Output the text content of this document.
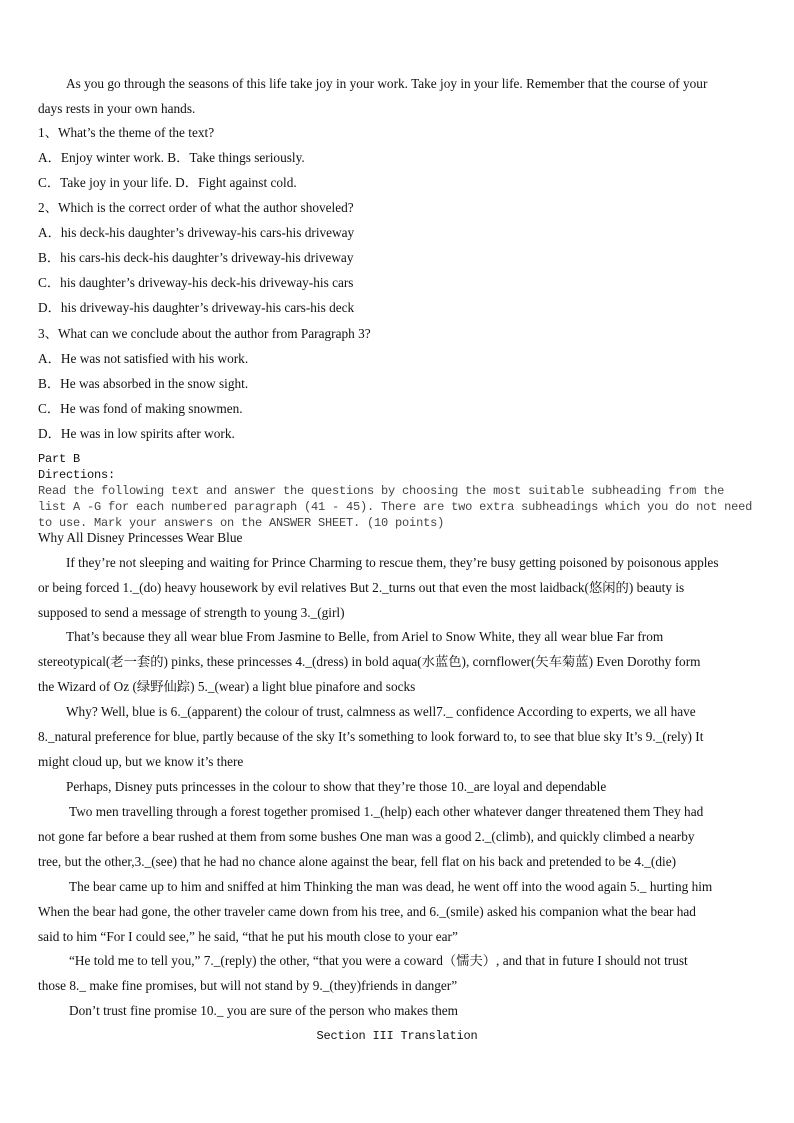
As you go through the seasons of this life take joy in your work. Take joy in your life. Remember that the course of your
days rests in your own hands.
1、What’s the theme of the text?
A．Enjoy winter work. B．Take things seriously.
C．Take joy in your life. D．Fight against cold.
2、Which is the correct order of what the author shoveled?
A．his deck-his daughter’s driveway-his cars-his driveway
B．his cars-his deck-his daughter’s driveway-his driveway
C．his daughter’s driveway-his deck-his driveway-his cars
D．his driveway-his daughter’s driveway-his cars-his deck
3、What can we conclude about the author from Paragraph 3?
A．He was not satisfied with his work.
B．He was absorbed in the snow sight.
C．He was fond of making snowmen.
D．He was in low spirits after work.
Part B
Directions:
Read the following text and answer the questions by choosing the most suitable subheading from the
list A -G for each numbered paragraph (41 - 45). There are two extra subheadings which you do not need
to use. Mark your answers on the ANSWER SHEET. (10 points)
Why All Disney Princesses Wear Blue
If they’re not sleeping and waiting for Prince Charming to rescue them, they’re busy getting poisoned by poisonous apples
or being forced 1._(do) heavy housework by evil relatives But 2._turns out that even the most laidback(悠闲的) beauty is
supposed to send a message of strength to young 3._(girl)
That’s because they all wear blue From Jasmine to Belle, from Ariel to Snow White, they all wear blue Far from
stereotypical(老一套的) pinks, these princesses 4._(dress) in bold aqua(水蓝色), cornflower(矢车菊蓝) Even Dorothy form
the Wizard of Oz (绿野仙踪) 5._(wear) a light blue pinafore and socks
Why? Well, blue is 6._(apparent) the colour of trust, calmness as well7._ confidence According to experts, we all have
8._natural preference for blue, partly because of the sky It’s something to look forward to, to see that blue sky It’s 9._(rely) It
might cloud up, but we know it’s there
Perhaps, Disney puts princesses in the colour to show that they’re those 10._are loyal and dependable
Two men travelling through a forest together promised 1._(help) each other whatever danger threatened them They had
not gone far before a bear rushed at them from some bushes One man was a good 2._(climb), and quickly climbed a nearby
tree, but the other,3._(see) that he had no chance alone against the bear, fell flat on his back and pretended to be 4._(die)
The bear came up to him and sniffed at him Thinking the man was dead, he went off into the wood again 5._ hurting him
When the bear had gone, the other traveler came down from his tree, and 6._(smile) asked his companion what the bear had
said to him “For I could see,” he said, “that he put his mouth close to your ear”
“He told me to tell you,” 7._(reply) the other, “that you were a coward（懦夫）, and that in future I should not trust
those 8._ make fine promises, but will not stand by 9._(they)friends in danger”
Don’t trust fine promise 10._ you are sure of the person who makes them
Section III Translation
